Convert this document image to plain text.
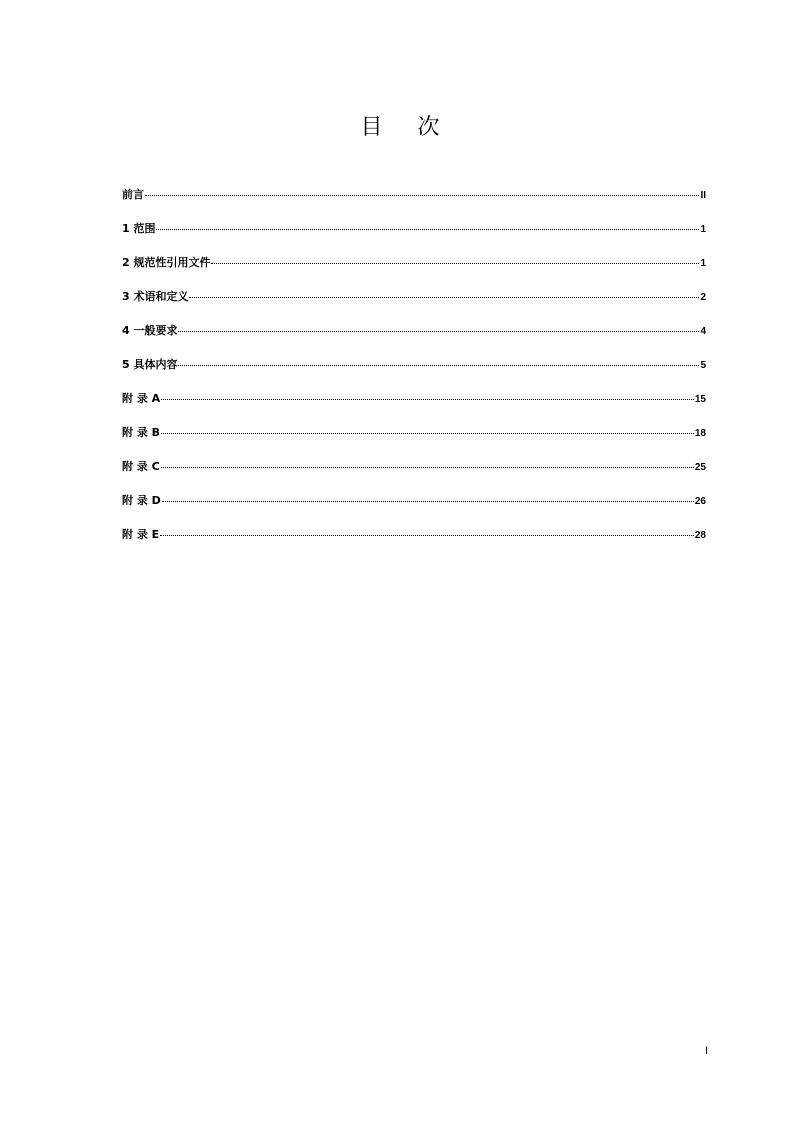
目 次
前言	II
1 范围	1
2 规范性引用文件	1
3 术语和定义	2
4 一般要求	4
5 具体内容	5
附 录 A	15
附 录 B	18
附 录 C	25
附 录 D	26
附 录 E	28
I
